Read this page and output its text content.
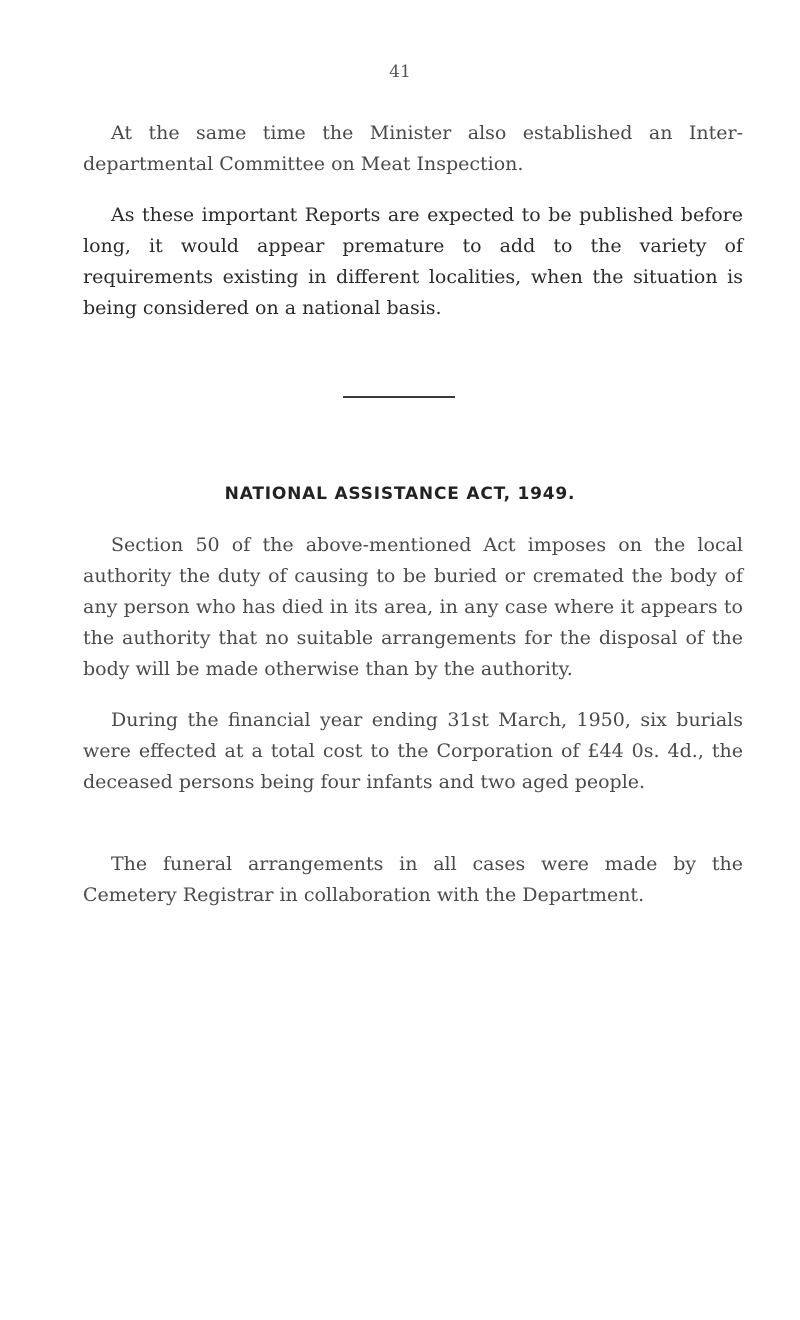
41

At the same time the Minister also established an Inter-departmental Committee on Meat Inspection.

As these important Reports are expected to be published before long, it would appear premature to add to the variety of requirements existing in different localities, when the situation is being considered on a national basis.

NATIONAL ASSISTANCE ACT, 1949.

Section 50 of the above-mentioned Act imposes on the local authority the duty of causing to be buried or cremated the body of any person who has died in its area, in any case where it appears to the authority that no suitable arrangements for the disposal of the body will be made otherwise than by the authority.

During the financial year ending 31st March, 1950, six burials were effected at a total cost to the Corporation of £44 0s. 4d., the deceased persons being four infants and two aged people.

The funeral arrangements in all cases were made by the Cemetery Registrar in collaboration with the Department.
